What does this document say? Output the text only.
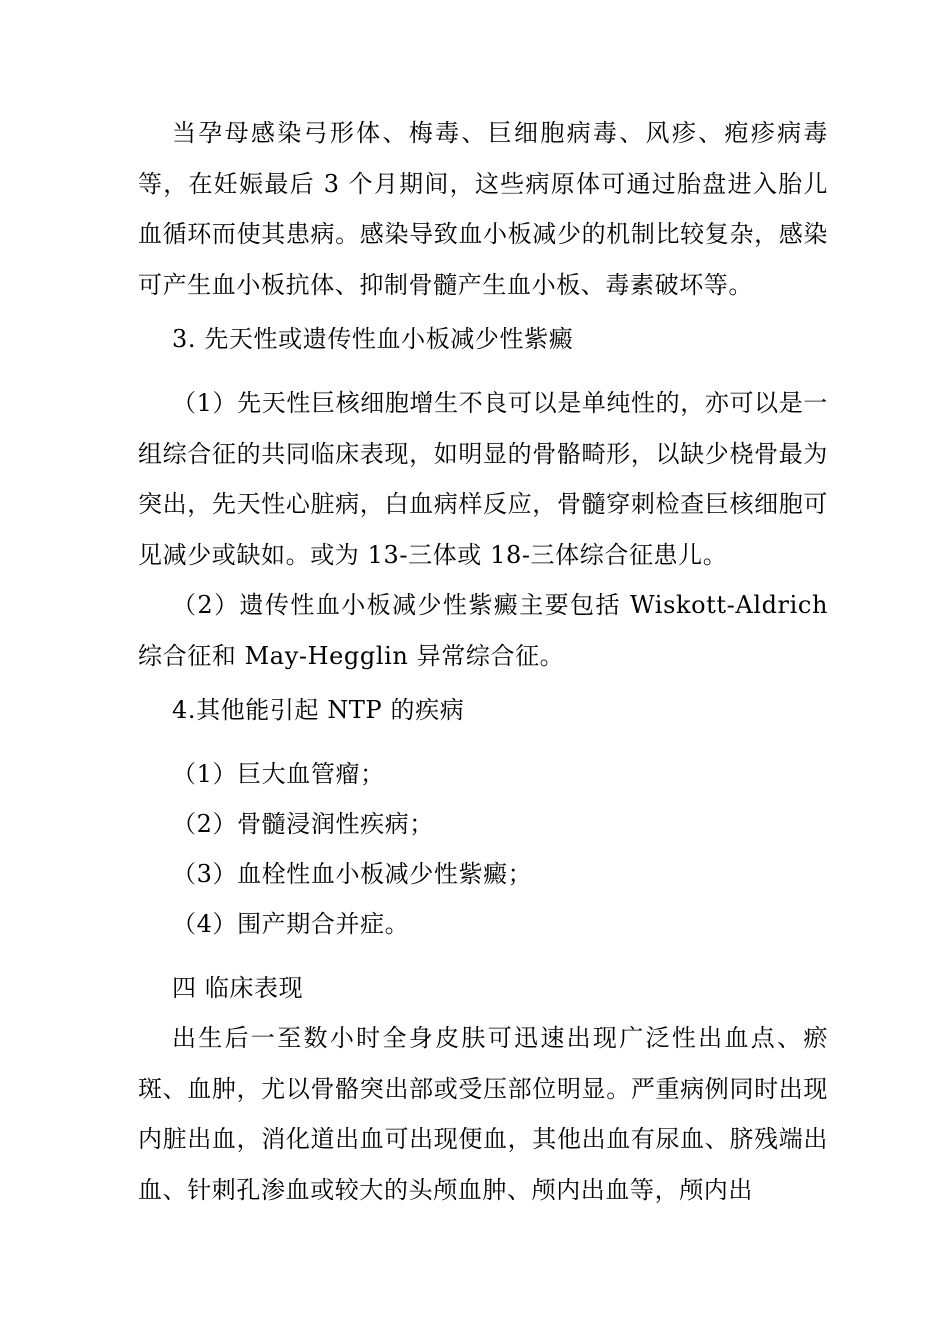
当孕母感染弓形体、梅毒、巨细胞病毒、风疹、疱疹病毒等，在妊娠最后 3 个月期间，这些病原体可通过胎盘进入胎儿血循环而使其患病。感染导致血小板减少的机制比较复杂，感染可产生血小板抗体、抑制骨髓产生血小板、毒素破坏等。

3. 先天性或遗传性血小板减少性紫癜

（1）先天性巨核细胞增生不良可以是单纯性的，亦可以是一组综合征的共同临床表现，如明显的骨骼畸形，以缺少桡骨最为突出，先天性心脏病，白血病样反应，骨髓穿刺检查巨核细胞可见减少或缺如。或为 13-三体或 18-三体综合征患儿。

（2）遗传性血小板减少性紫癜主要包括 Wiskott-Aldrich 综合征和 May-Hegglin 异常综合征。

4.其他能引起 NTP 的疾病

（1）巨大血管瘤；

（2）骨髓浸润性疾病；

（3）血栓性血小板减少性紫癜；

（4）围产期合并症。

四 临床表现

出生后一至数小时全身皮肤可迅速出现广泛性出血点、瘀斑、血肿，尤以骨骼突出部或受压部位明显。严重病例同时出现内脏出血，消化道出血可出现便血，其他出血有尿血、脐残端出血、针刺孔渗血或较大的头颅血肿、颅内出血等，颅内出
